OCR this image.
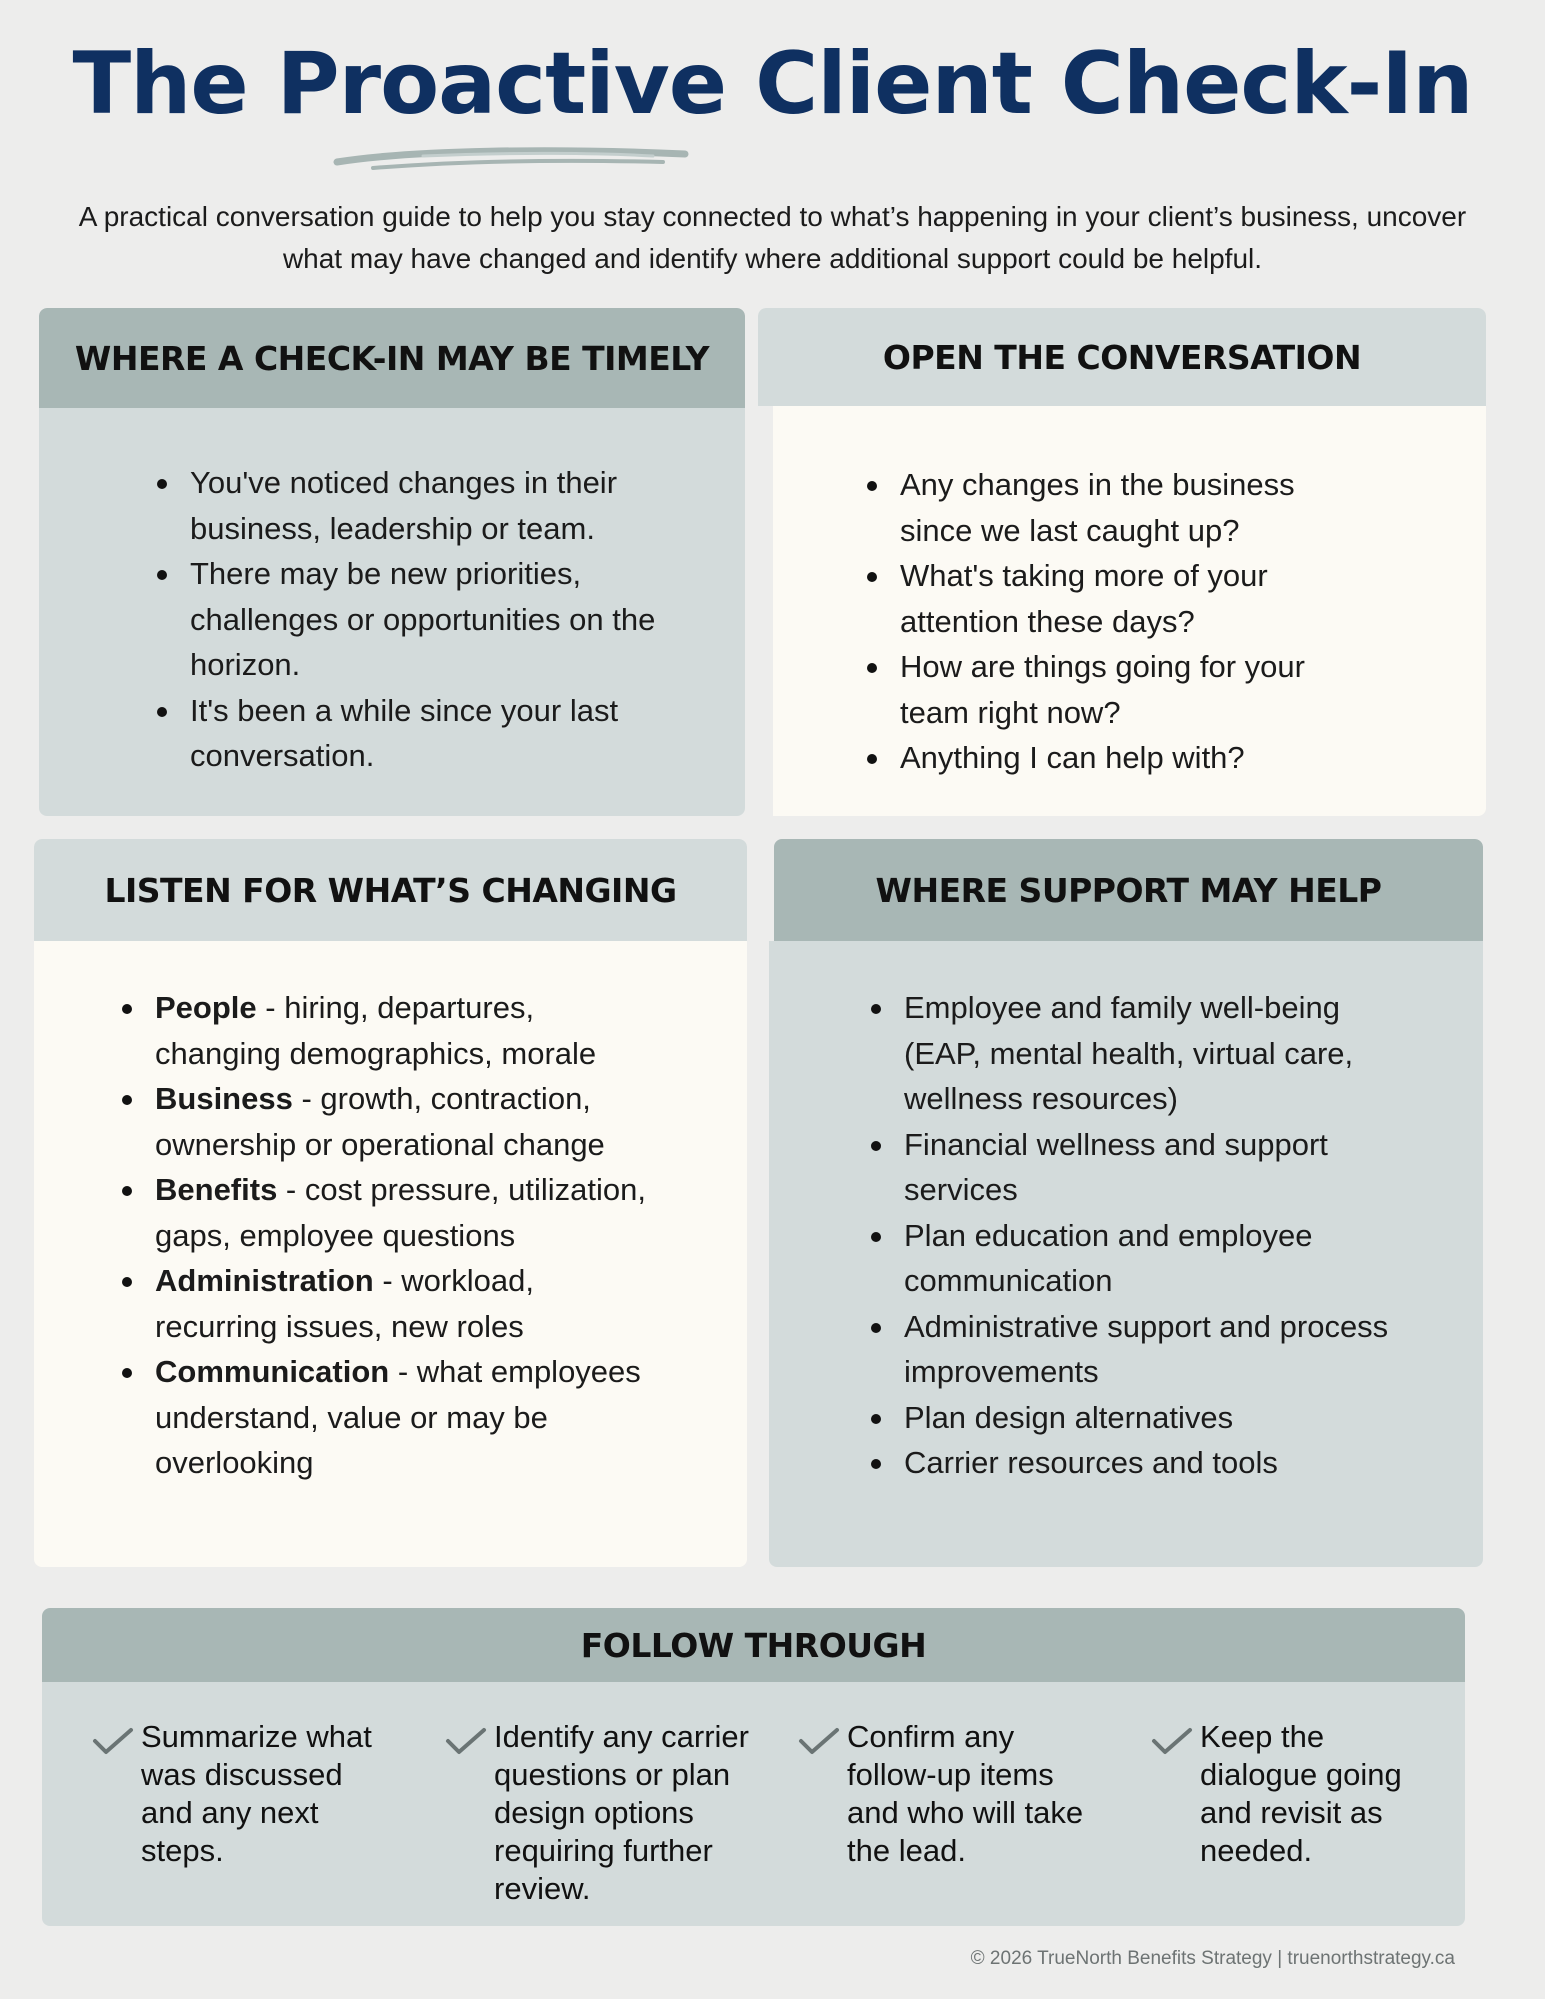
The Proactive Client Check-In

A practical conversation guide to help you stay connected to what’s happening in your client’s business, uncover what may have changed and identify where additional support could be helpful.

WHERE A CHECK-IN MAY BE TIMELY
You've noticed changes in their business, leadership or team.
There may be new priorities, challenges or opportunities on the horizon.
It's been a while since your last conversation.
OPEN THE CONVERSATION
Any changes in the business since we last caught up?
What's taking more of your attention these days?
How are things going for your team right now?
Anything I can help with?
LISTEN FOR WHAT’S CHANGING
People - hiring, departures, changing demographics, morale
Business - growth, contraction, ownership or operational change
Benefits - cost pressure, utilization, gaps, employee questions
Administration - workload, recurring issues, new roles
Communication - what employees understand, value or may be overlooking
WHERE SUPPORT MAY HELP
Employee and family well-being (EAP, mental health, virtual care, wellness resources)
Financial wellness and support services
Plan education and employee communication
Administrative support and process improvements
Plan design alternatives
Carrier resources and tools
FOLLOW THROUGH
Summarize what was discussed and any next steps.
Identify any carrier questions or plan design options requiring further review.
Confirm any follow-up items and who will take the lead.
Keep the dialogue going and revisit as needed.
© 2026 TrueNorth Benefits Strategy | truenorthstrategy.ca
